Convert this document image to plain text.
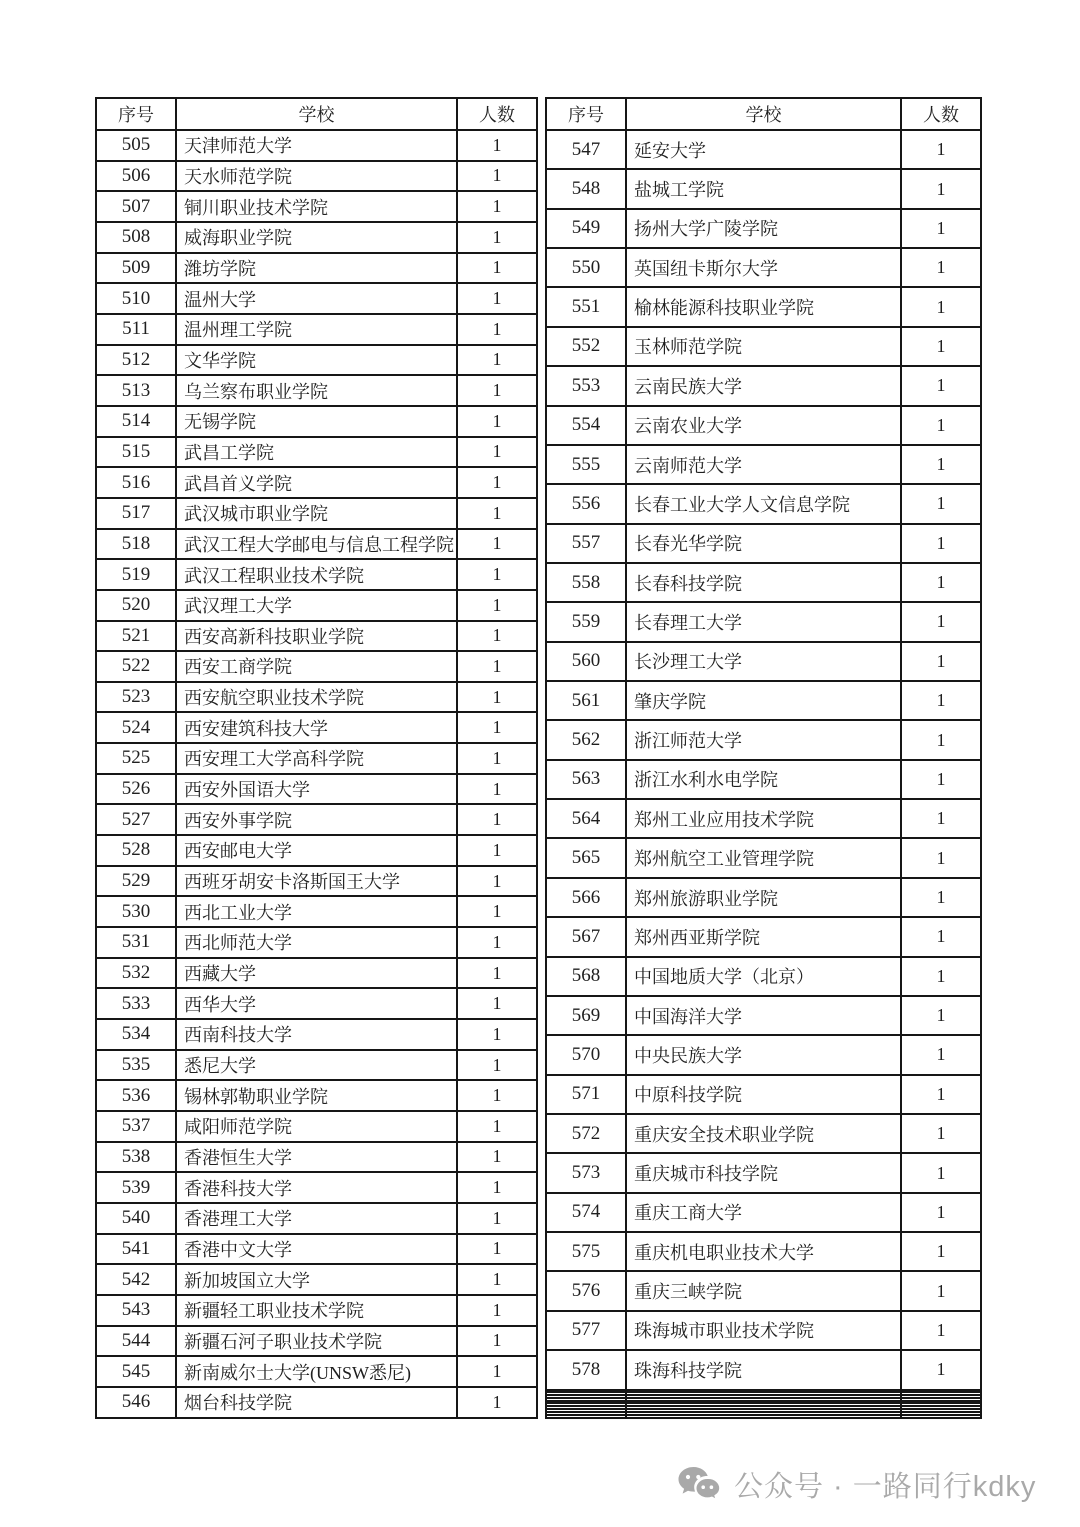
序号	学校	人数
505	天津师范大学	1
506	天水师范学院	1
507	铜川职业技术学院	1
508	威海职业学院	1
509	潍坊学院	1
510	温州大学	1
511	温州理工学院	1
512	文华学院	1
513	乌兰察布职业学院	1
514	无锡学院	1
515	武昌工学院	1
516	武昌首义学院	1
517	武汉城市职业学院	1
518	武汉工程大学邮电与信息工程学院	1
519	武汉工程职业技术学院	1
520	武汉理工大学	1
521	西安高新科技职业学院	1
522	西安工商学院	1
523	西安航空职业技术学院	1
524	西安建筑科技大学	1
525	西安理工大学高科学院	1
526	西安外国语大学	1
527	西安外事学院	1
528	西安邮电大学	1
529	西班牙胡安卡洛斯国王大学	1
530	西北工业大学	1
531	西北师范大学	1
532	西藏大学	1
533	西华大学	1
534	西南科技大学	1
535	悉尼大学	1
536	锡林郭勒职业学院	1
537	咸阳师范学院	1
538	香港恒生大学	1
539	香港科技大学	1
540	香港理工大学	1
541	香港中文大学	1
542	新加坡国立大学	1
543	新疆轻工职业技术学院	1
544	新疆石河子职业技术学院	1
545	新南威尔士大学(UNSW悉尼)	1
546	烟台科技学院	1
序号	学校	人数
547	延安大学	1
548	盐城工学院	1
549	扬州大学广陵学院	1
550	英国纽卡斯尔大学	1
551	榆林能源科技职业学院	1
552	玉林师范学院	1
553	云南民族大学	1
554	云南农业大学	1
555	云南师范大学	1
556	长春工业大学人文信息学院	1
557	长春光华学院	1
558	长春科技学院	1
559	长春理工大学	1
560	长沙理工大学	1
561	肇庆学院	1
562	浙江师范大学	1
563	浙江水利水电学院	1
564	郑州工业应用技术学院	1
565	郑州航空工业管理学院	1
566	郑州旅游职业学院	1
567	郑州西亚斯学院	1
568	中国地质大学（北京）	1
569	中国海洋大学	1
570	中央民族大学	1
571	中原科技学院	1
572	重庆安全技术职业学院	1
573	重庆城市科技学院	1
574	重庆工商大学	1
575	重庆机电职业技术大学	1
576	重庆三峡学院	1
577	珠海城市职业技术学院	1
578	珠海科技学院	1

公众号 · 一路同行kdky
